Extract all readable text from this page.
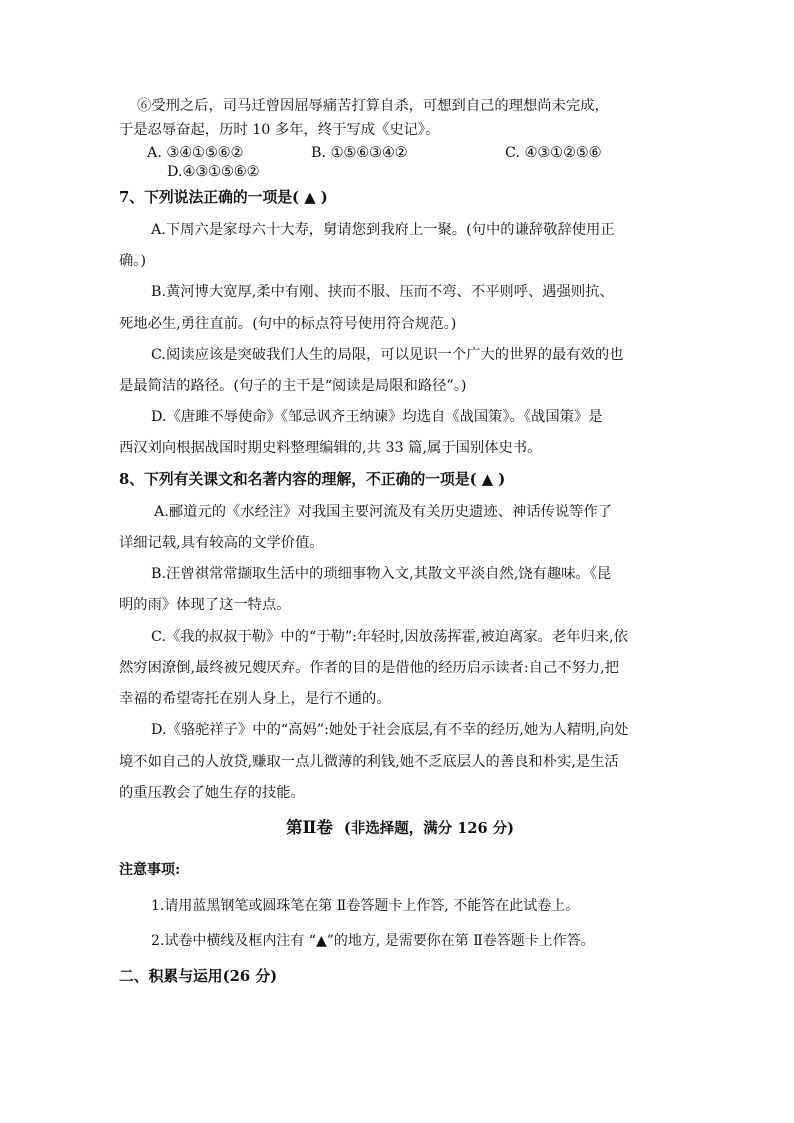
⑥受刑之后，司马迁曾因屈辱痛苦打算自杀，可想到自己的理想尚未完成，
于是忍辱奋起，历时 10 多年，终于写成《史记》。
A. ③④①⑤⑥②	B. ①⑤⑥③④②	C. ④③①②⑤⑥
D.④③①⑤⑥②
7、下列说法正确的一项是( ▲ )
A.下周六是家母六十大寿，舅请您到我府上一聚。(句中的谦辞敬辞使用正
确。)
B.黄河博大宽厚,柔中有刚、挟而不服、压而不弯、不平则呼、遇强则抗、
死地必生,勇往直前。(句中的标点符号使用符合规范。)
C.阅读应该是突破我们人生的局限，可以见识一个广大的世界的最有效的也
是最简洁的路径。(句子的主干是“阅读是局限和路径”。)
D.《唐雎不辱使命》《邹忌讽齐王纳谏》均选自《战国策》。《战国策》是
西汉刘向根据战国时期史料整理编辑的,共 33 篇,属于国别体史书。
8、下列有关课文和名著内容的理解，不正确的一项是( ▲ )
A.郦道元的《水经注》对我国主要河流及有关历史遗迹、神话传说等作了
详细记载,具有较高的文学价值。
B.汪曾祺常常撷取生活中的琐细事物入文,其散文平淡自然,饶有趣味。《昆
明的雨》体现了这一特点。
C.《我的叔叔于勒》中的“于勒”:年轻时,因放荡挥霍,被迫离家。老年归来,依
然穷困潦倒,最终被兄嫂厌弃。作者的目的是借他的经历启示读者:自己不努力,把
幸福的希望寄托在别人身上，是行不通的。
D.《骆驼祥子》中的“高妈”:她处于社会底层,有不幸的经历,她为人精明,向处
境不如自己的人放贷,赚取一点儿微薄的利钱,她不乏底层人的善良和朴实,是生活
的重压教会了她生存的技能。
第Ⅱ卷 (非选择题，满分 126 分)
注意事项:
1.请用蓝黑钢笔或圆珠笔在第 Ⅱ卷答题卡上作答, 不能答在此试卷上。
2.试卷中横线及框内注有 “▲”的地方, 是需要你在第 Ⅱ卷答题卡上作答。
二、积累与运用(26 分)
